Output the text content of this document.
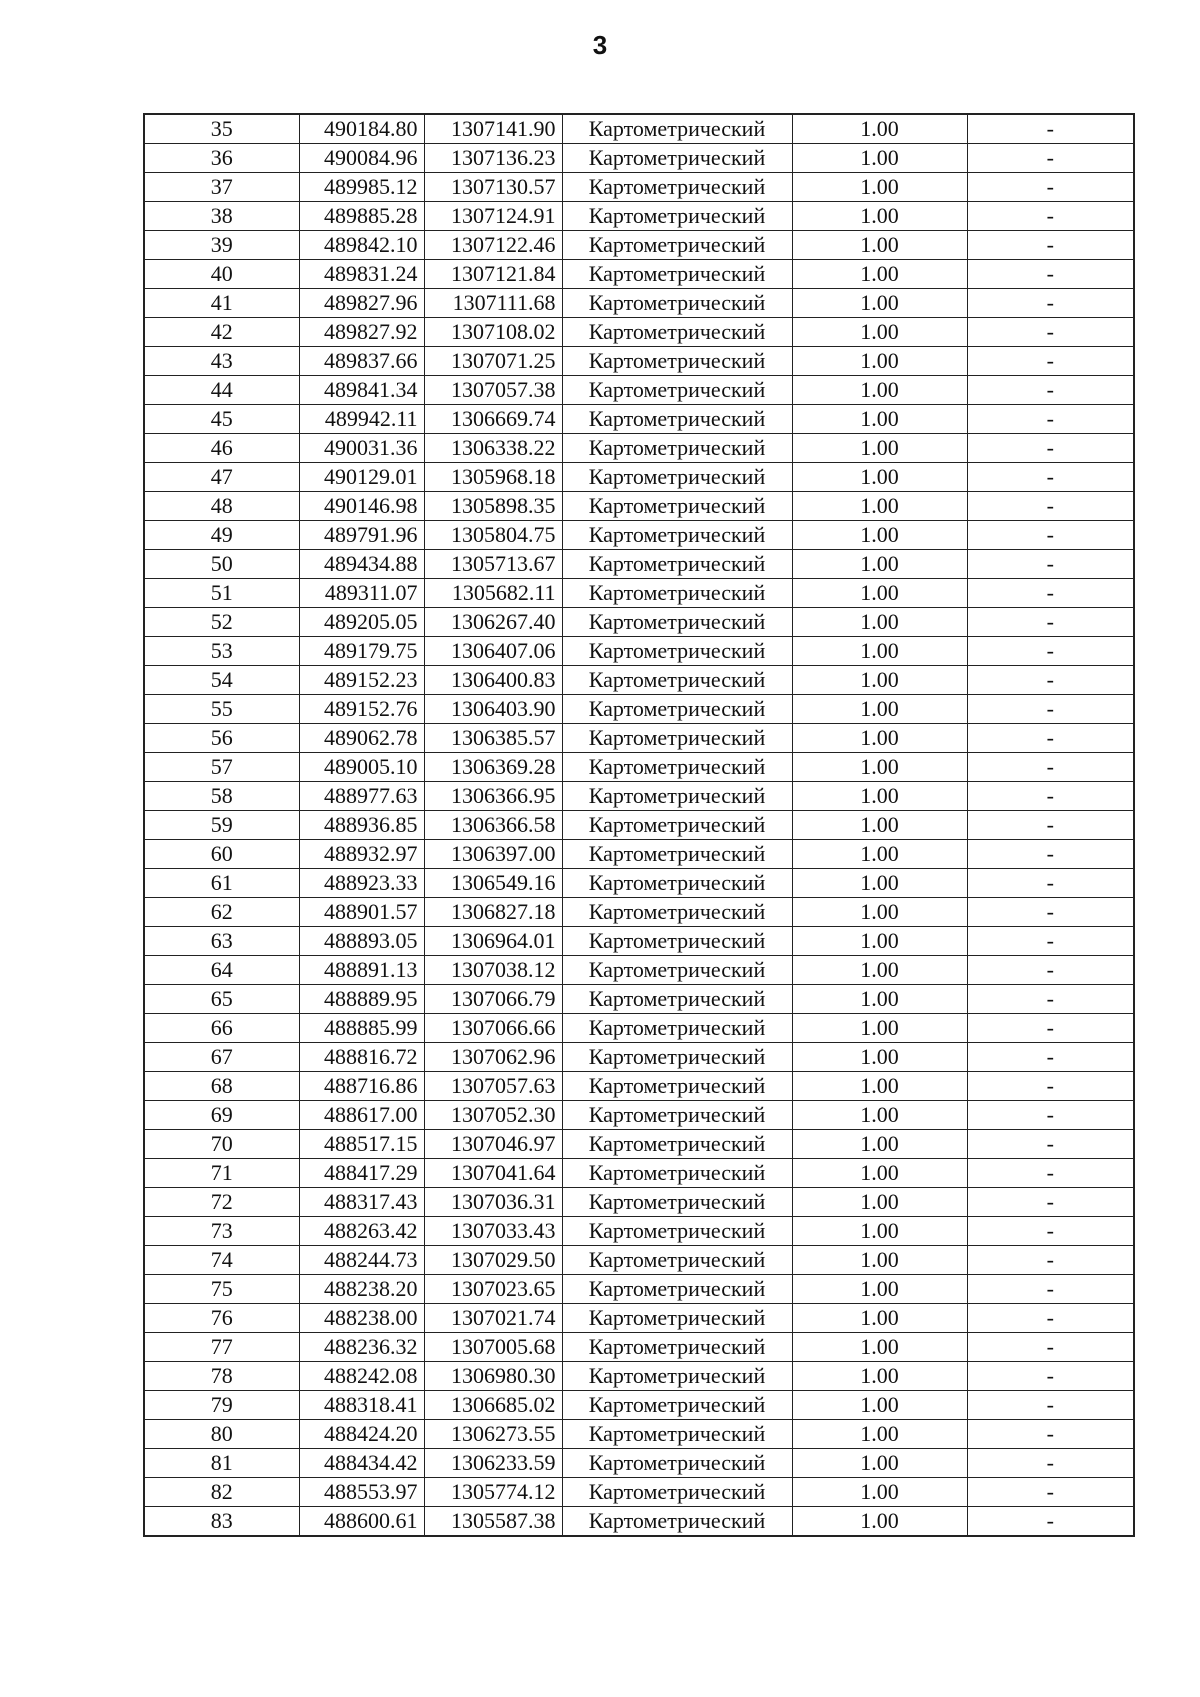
3
35	490184.80	1307141.90	Картометрический	1.00	-
36	490084.96	1307136.23	Картометрический	1.00	-
37	489985.12	1307130.57	Картометрический	1.00	-
38	489885.28	1307124.91	Картометрический	1.00	-
39	489842.10	1307122.46	Картометрический	1.00	-
40	489831.24	1307121.84	Картометрический	1.00	-
41	489827.96	1307111.68	Картометрический	1.00	-
42	489827.92	1307108.02	Картометрический	1.00	-
43	489837.66	1307071.25	Картометрический	1.00	-
44	489841.34	1307057.38	Картометрический	1.00	-
45	489942.11	1306669.74	Картометрический	1.00	-
46	490031.36	1306338.22	Картометрический	1.00	-
47	490129.01	1305968.18	Картометрический	1.00	-
48	490146.98	1305898.35	Картометрический	1.00	-
49	489791.96	1305804.75	Картометрический	1.00	-
50	489434.88	1305713.67	Картометрический	1.00	-
51	489311.07	1305682.11	Картометрический	1.00	-
52	489205.05	1306267.40	Картометрический	1.00	-
53	489179.75	1306407.06	Картометрический	1.00	-
54	489152.23	1306400.83	Картометрический	1.00	-
55	489152.76	1306403.90	Картометрический	1.00	-
56	489062.78	1306385.57	Картометрический	1.00	-
57	489005.10	1306369.28	Картометрический	1.00	-
58	488977.63	1306366.95	Картометрический	1.00	-
59	488936.85	1306366.58	Картометрический	1.00	-
60	488932.97	1306397.00	Картометрический	1.00	-
61	488923.33	1306549.16	Картометрический	1.00	-
62	488901.57	1306827.18	Картометрический	1.00	-
63	488893.05	1306964.01	Картометрический	1.00	-
64	488891.13	1307038.12	Картометрический	1.00	-
65	488889.95	1307066.79	Картометрический	1.00	-
66	488885.99	1307066.66	Картометрический	1.00	-
67	488816.72	1307062.96	Картометрический	1.00	-
68	488716.86	1307057.63	Картометрический	1.00	-
69	488617.00	1307052.30	Картометрический	1.00	-
70	488517.15	1307046.97	Картометрический	1.00	-
71	488417.29	1307041.64	Картометрический	1.00	-
72	488317.43	1307036.31	Картометрический	1.00	-
73	488263.42	1307033.43	Картометрический	1.00	-
74	488244.73	1307029.50	Картометрический	1.00	-
75	488238.20	1307023.65	Картометрический	1.00	-
76	488238.00	1307021.74	Картометрический	1.00	-
77	488236.32	1307005.68	Картометрический	1.00	-
78	488242.08	1306980.30	Картометрический	1.00	-
79	488318.41	1306685.02	Картометрический	1.00	-
80	488424.20	1306273.55	Картометрический	1.00	-
81	488434.42	1306233.59	Картометрический	1.00	-
82	488553.97	1305774.12	Картометрический	1.00	-
83	488600.61	1305587.38	Картометрический	1.00	-
